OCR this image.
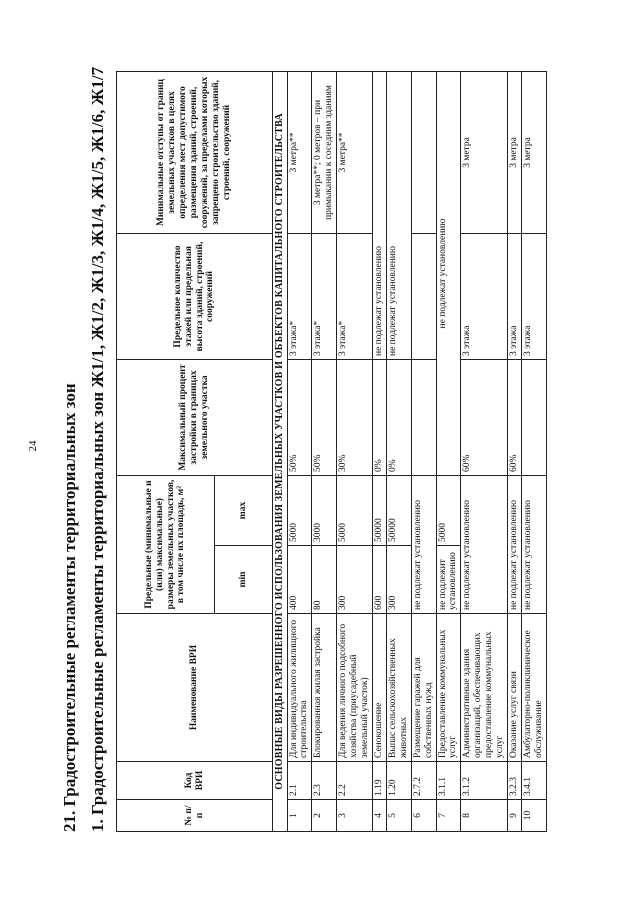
24 21. Градостроительные регламенты территориальных зон 1. Градостроительные регламенты территориальных зон Ж1/1, Ж1/2, Ж1/3, Ж1/4, Ж1/5, Ж1/6, Ж1/7	№ п/п	Код ВРИ	Наименование ВРИ	Предельные (минимальные и (или) максимальные) размеры земельных участков, в том числе их площадь, м²		Максимальный процент застройки в границах земельного участка	Предельное количество этажей или предельная высота зданий, строений, сооружений	Минимальные отступы от границ земельных участков в целях определения мест допустимого размещения зданий, строений, сооружений, за пределами которых запрещено строительство зданий, строений, сооружений
			min	max			
ОСНОВНЫЕ ВИДЫ РАЗРЕШЕННОГО ИСПОЛЬЗОВАНИЯ ЗЕМЕЛЬНЫХ УЧАСТКОВ И ОБЪЕКТОВ КАПИТАЛЬНОГО СТРОИТЕЛЬСТВА							
1	2.1	Для индивидуального жилищного строительства	400	5000	50%	3 этажа*	3 метра**
2	2.3	Блокированная жилая застройка	80	3000	50%	3 этажа*	3 метра**; 0 метров – при примыкании к соседним зданиям
3	2.2	Для ведения личного подсобного хозяйства (приусадебный земельный участок)	300	5000	30%	3 этажа*	3 метра**
4	1.19	Сенокошение	600	50000	0%	не подлежат установлению	
5	1.20	Выпас сельскохозяйственных животных	300	50000	0%	не подлежат установлению	
6	2.7.2	Размещение гаражей для собственных нужд	не подлежат установлению				
7	3.1.1	Предоставление коммунальных услуг	не подлежит установлению	5000	не подлежат установлению		
8	3.1.2	Административные здания организаций, обеспечивающих предоставление коммунальных услуг	не подлежат установлению		60%	3 этажа	3 метра
9	3.2.3	Оказание услуг связи	не подлежат установлению		60%	3 этажа	3 метра
10	3.4.1	Амбулаторно-поликлиническое обслуживание	не подлежат установлению			3 этажа	3 метра
